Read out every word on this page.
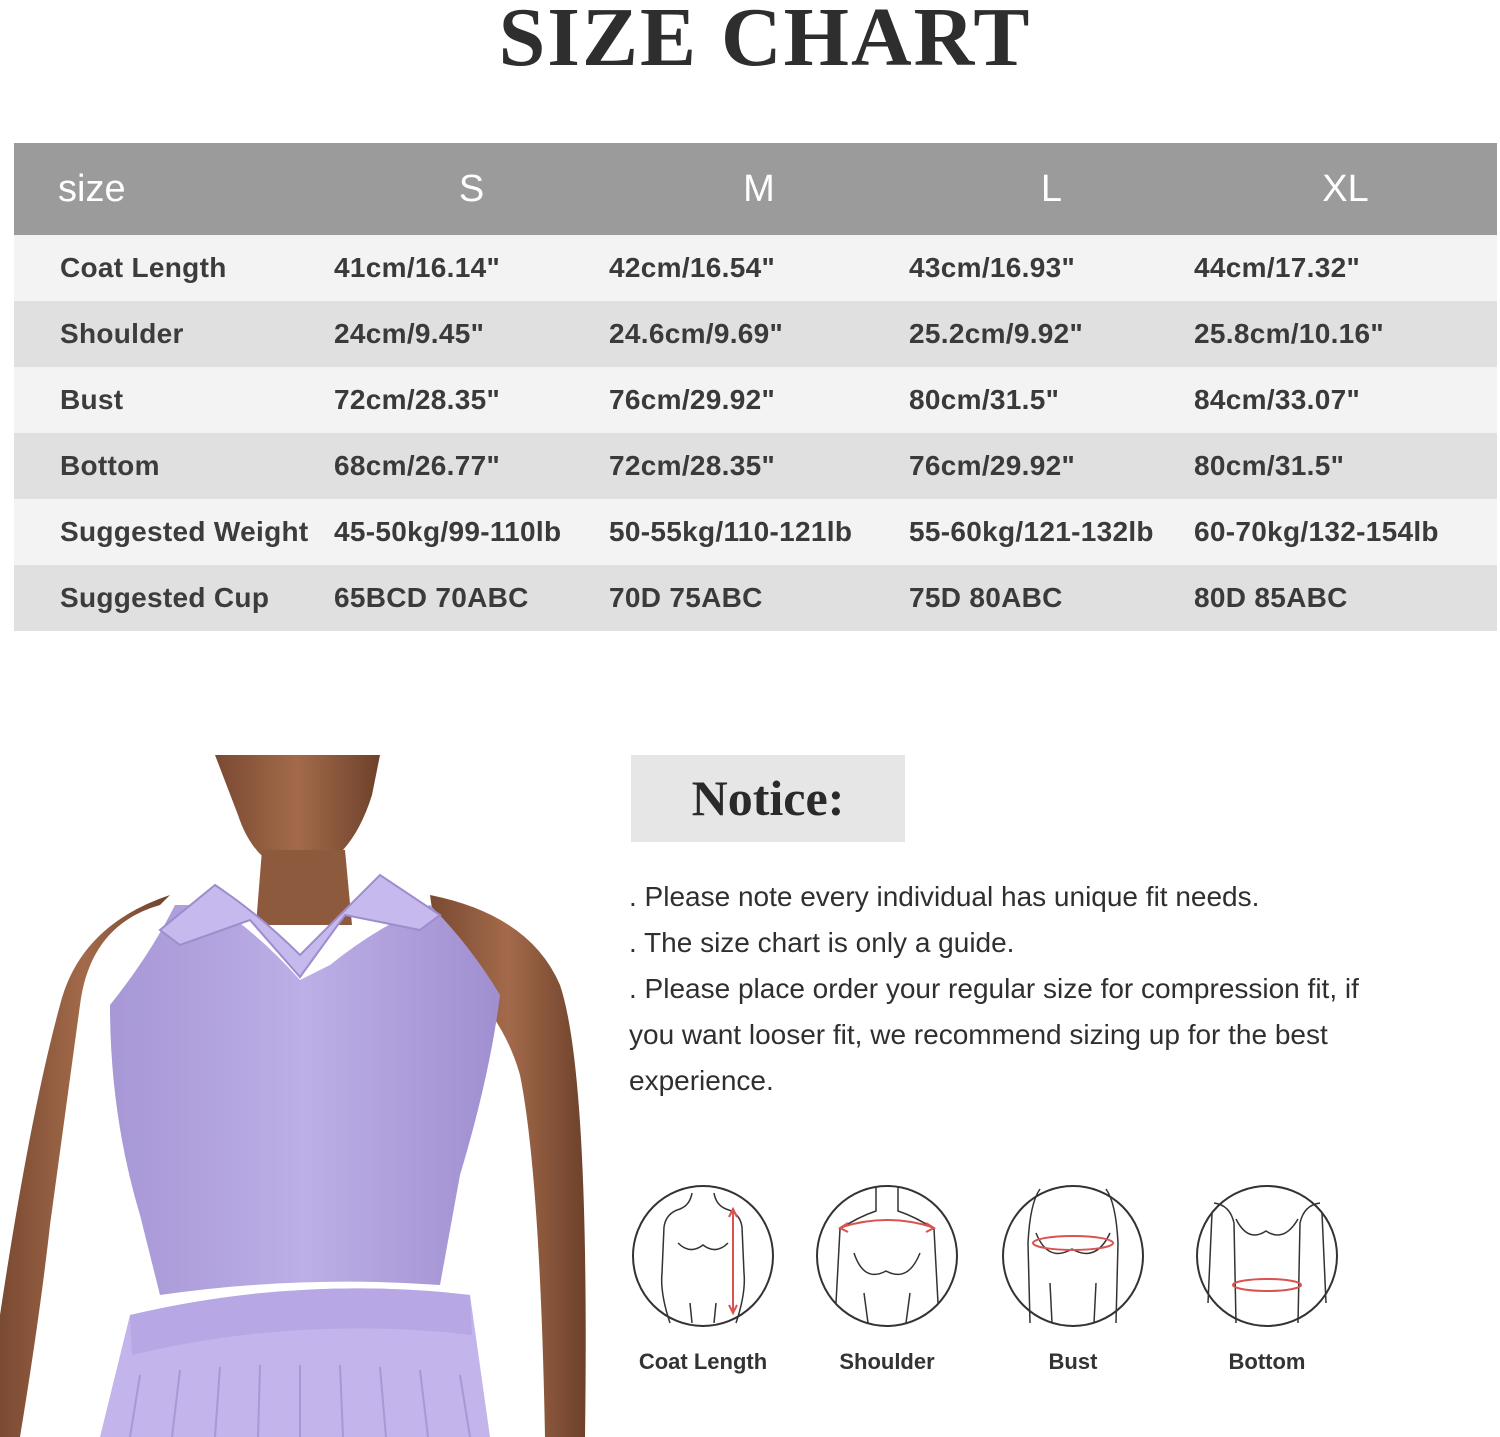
SIZE CHART
size	S	M	L	XL
Coat Length	41cm/16.14"	42cm/16.54"	43cm/16.93"	44cm/17.32"
Shoulder	24cm/9.45"	24.6cm/9.69"	25.2cm/9.92"	25.8cm/10.16"
Bust	72cm/28.35"	76cm/29.92"	80cm/31.5"	84cm/33.07"
Bottom	68cm/26.77"	72cm/28.35"	76cm/29.92"	80cm/31.5"
Suggested Weight	45-50kg/99-110lb	50-55kg/110-121lb	55-60kg/121-132lb	60-70kg/132-154lb
Suggested Cup	65BCD 70ABC	70D 75ABC	75D 80ABC	80D 85ABC
Notice:

. Please note every individual has unique fit needs.

. The size chart is only a guide.

. Please place order your regular size for compression fit, if

you want looser fit, we recommend sizing up for the best

experience.

Coat Length	Shoulder	Bust	Bottom
